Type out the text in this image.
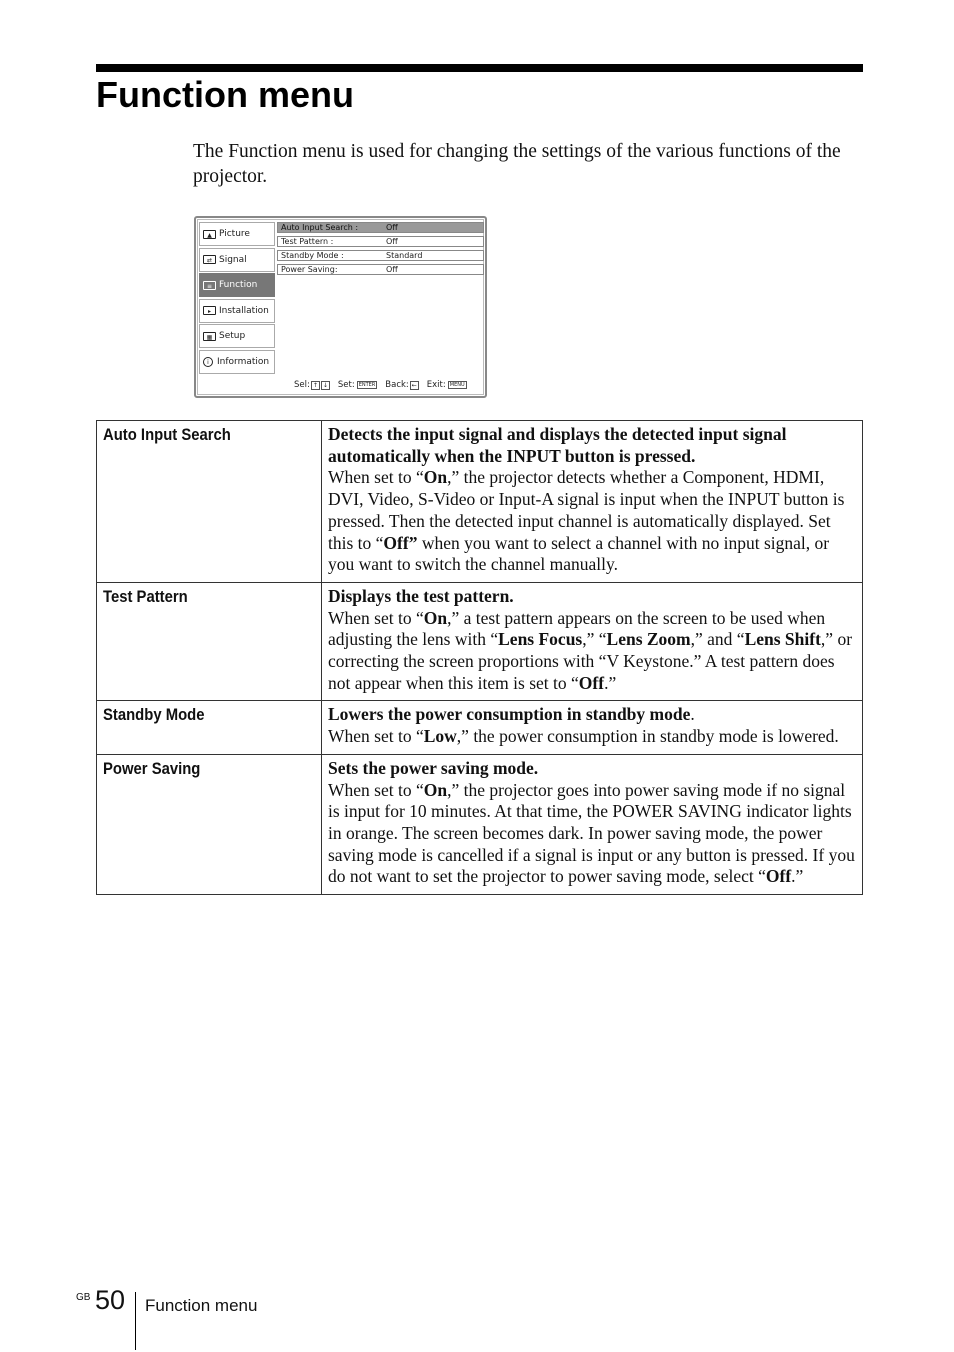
Function menu

The Function menu is used for changing the settings of the various functions of the projector.

▲ Picture
⇄ Signal
≡ Function
▸ Installation
▦ Setup
i Information
Auto Input Search :	Off
Test Pattern :	Off
Standby Mode :	Standard
Power Saving:	Off
Sel: ↑ ↓ Set: ENTER Back: ← Exit: MENU
Auto Input Search	Detects the input signal and displays the detected input signal automatically when the INPUT button is pressed.
When set to “On,” the projector detects whether a Component, HDMI, DVI, Video, S-Video or Input-A signal is input when the INPUT button is pressed. Then the detected input channel is automatically displayed. Set this to “Off” when you want to select a channel with no input signal, or you want to switch the channel manually.

Test Pattern	Displays the test pattern.
When set to “On,” a test pattern appears on the screen to be used when adjusting the lens with “Lens Focus,” “Lens Zoom,” and “Lens Shift,” or correcting the screen proportions with “V Keystone.” A test pattern does not appear when this item is set to “Off.”

Standby Mode	Lowers the power consumption in standby mode.
When set to “Low,” the power consumption in standby mode is lowered.

Power Saving	Sets the power saving mode.
When set to “On,” the projector goes into power saving mode if no signal is input for 10 minutes. At that time, the POWER SAVING indicator lights in orange. The screen becomes dark. In power saving mode, the power saving mode is cancelled if a signal is input or any button is pressed. If you do not want to set the projector to power saving mode, select “Off.”
GB 50 Function menu
